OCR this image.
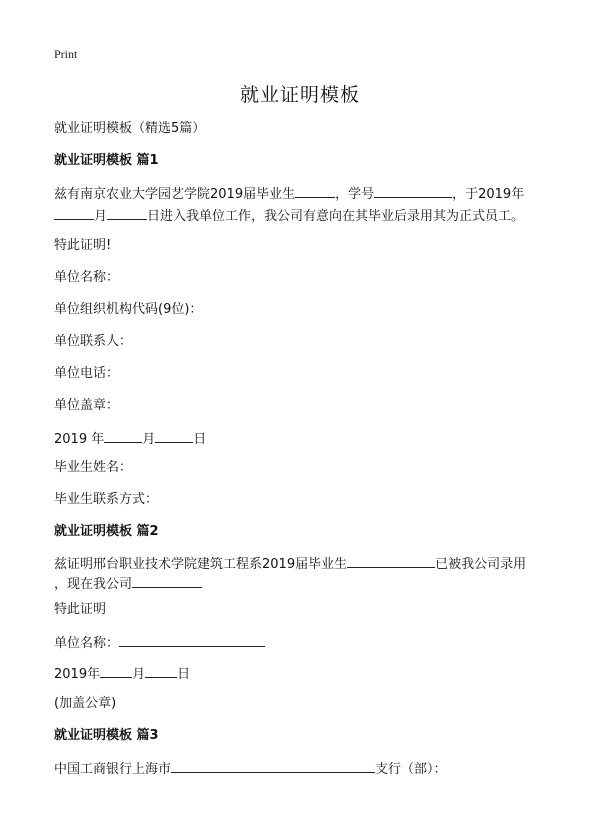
Print
就业证明模板
就业证明模板（精选5篇）
就业证明模板 篇1
兹有南京农业大学园艺学院2019届毕业生	，学号	，于2019年
月	日进入我单位工作，我公司有意向在其毕业后录用其为正式员工。
特此证明!
单位名称：
单位组织机构代码(9位)：
单位联系人：
单位电话：
单位盖章：
2019 年	月	日
毕业生姓名：
毕业生联系方式：
就业证明模板 篇2
兹证明邢台职业技术学院建筑工程系2019届毕业生	已被我公司录用
，现在我公司
特此证明
单位名称：
2019年 月 日
(加盖公章)
就业证明模板 篇3
中国工商银行上海市	支行（部）：
